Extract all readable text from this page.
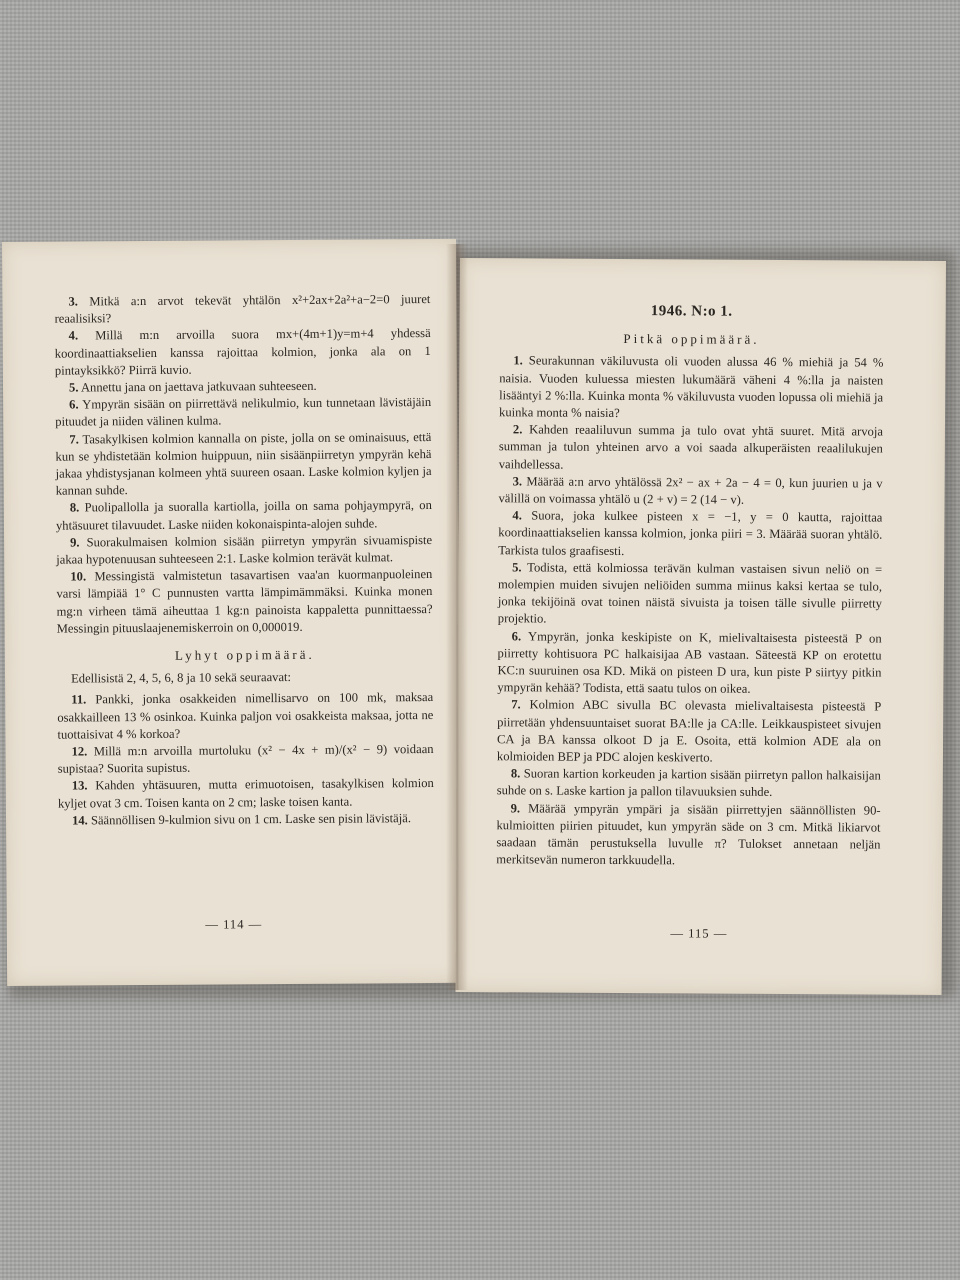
3. Mitkä a:n arvot tekevät yhtälön x²+2ax+2a²+a−2=0 juuret reaalisiksi?

4. Millä m:n arvoilla suora mx+(4m+1)y=m+4 yhdessä koordinaattiakselien kanssa rajoittaa kolmion, jonka ala on 1 pintayksikkö? Piirrä kuvio.

5. Annettu jana on jaettava jatkuvaan suhteeseen.

6. Ympyrän sisään on piirrettävä nelikulmio, kun tunnetaan lävistäjäin pituudet ja niiden välinen kulma.

7. Tasakylkisen kolmion kannalla on piste, jolla on se ominaisuus, että kun se yhdistetään kolmion huippuun, niin sisäänpiirretyn ympyrän kehä jakaa yhdistysjanan kolmeen yhtä suureen osaan. Laske kolmion kyljen ja kannan suhde.

8. Puolipallolla ja suoralla kartiolla, joilla on sama pohjaympyrä, on yhtäsuuret tilavuudet. Laske niiden kokonaispinta-alojen suhde.

9. Suorakulmaisen kolmion sisään piirretyn ympyrän sivuamispiste jakaa hypotenuusan suhteeseen 2:1. Laske kolmion terävät kulmat.

10. Messingistä valmistetun tasavartisen vaa'an kuormanpuoleinen varsi lämpiää 1° C punnusten vartta lämpimämmäksi. Kuinka monen mg:n virheen tämä aiheuttaa 1 kg:n painoista kappaletta punnittaessa? Messingin pituuslaajenemiskerroin on 0,000019.

Lyhyt oppimäärä.
Edellisistä 2, 4, 5, 6, 8 ja 10 sekä seuraavat:

11. Pankki, jonka osakkeiden nimellisarvo on 100 mk, maksaa osakkailleen 13 % osinkoa. Kuinka paljon voi osakkeista maksaa, jotta ne tuottaisivat 4 % korkoa?

12. Millä m:n arvoilla murtoluku (x² − 4x + m)/(x² − 9) voidaan supistaa? Suorita supistus.

13. Kahden yhtäsuuren, mutta erimuotoisen, tasakylkisen kolmion kyljet ovat 3 cm. Toisen kanta on 2 cm; laske toisen kanta.

14. Säännöllisen 9-kulmion sivu on 1 cm. Laske sen pisin lävistäjä.

— 114 —
1946. N:o 1.
Pitkä oppimäärä.

1. Seurakunnan väkiluvusta oli vuoden alussa 46 % miehiä ja 54 % naisia. Vuoden kuluessa miesten lukumäärä väheni 4 %:lla ja naisten lisääntyi 2 %:lla. Kuinka monta % väkiluvusta vuoden lopussa oli miehiä ja kuinka monta % naisia?

2. Kahden reaaliluvun summa ja tulo ovat yhtä suuret. Mitä arvoja summan ja tulon yhteinen arvo a voi saada alkuperäisten reaalilukujen vaihdellessa.

3. Määrää a:n arvo yhtälössä 2x² − ax + 2a − 4 = 0, kun juurien u ja v välillä on voimassa yhtälö u (2 + v) = 2 (14 − v).

4. Suora, joka kulkee pisteen x = −1, y = 0 kautta, rajoittaa koordinaattiakselien kanssa kolmion, jonka piiri = 3. Määrää suoran yhtälö. Tarkista tulos graafisesti.

5. Todista, että kolmiossa terävän kulman vastaisen sivun neliö on = molempien muiden sivujen neliöiden summa miinus kaksi kertaa se tulo, jonka tekijöinä ovat toinen näistä sivuista ja toisen tälle sivulle piirretty projektio.

6. Ympyrän, jonka keskipiste on K, mielivaltaisesta pisteestä P on piirretty kohtisuora PC halkaisijaa AB vastaan. Säteestä KP on erotettu KC:n suuruinen osa KD. Mikä on pisteen D ura, kun piste P siirtyy pitkin ympyrän kehää? Todista, että saatu tulos on oikea.

7. Kolmion ABC sivulla BC olevasta mielivaltaisesta pisteestä P piirretään yhdensuuntaiset suorat BA:lle ja CA:lle. Leikkauspisteet sivujen CA ja BA kanssa olkoot D ja E. Osoita, että kolmion ADE ala on kolmioiden BEP ja PDC alojen keskiverto.

8. Suoran kartion korkeuden ja kartion sisään piirretyn pallon halkaisijan suhde on s. Laske kartion ja pallon tilavuuksien suhde.

9. Määrää ympyrän ympäri ja sisään piirrettyjen säännöllisten 90-kulmioitten piirien pituudet, kun ympyrän säde on 3 cm. Mitkä likiarvot saadaan tämän perustuksella luvulle π? Tulokset annetaan neljän merkitsevän numeron tarkkuudella.

— 115 —
